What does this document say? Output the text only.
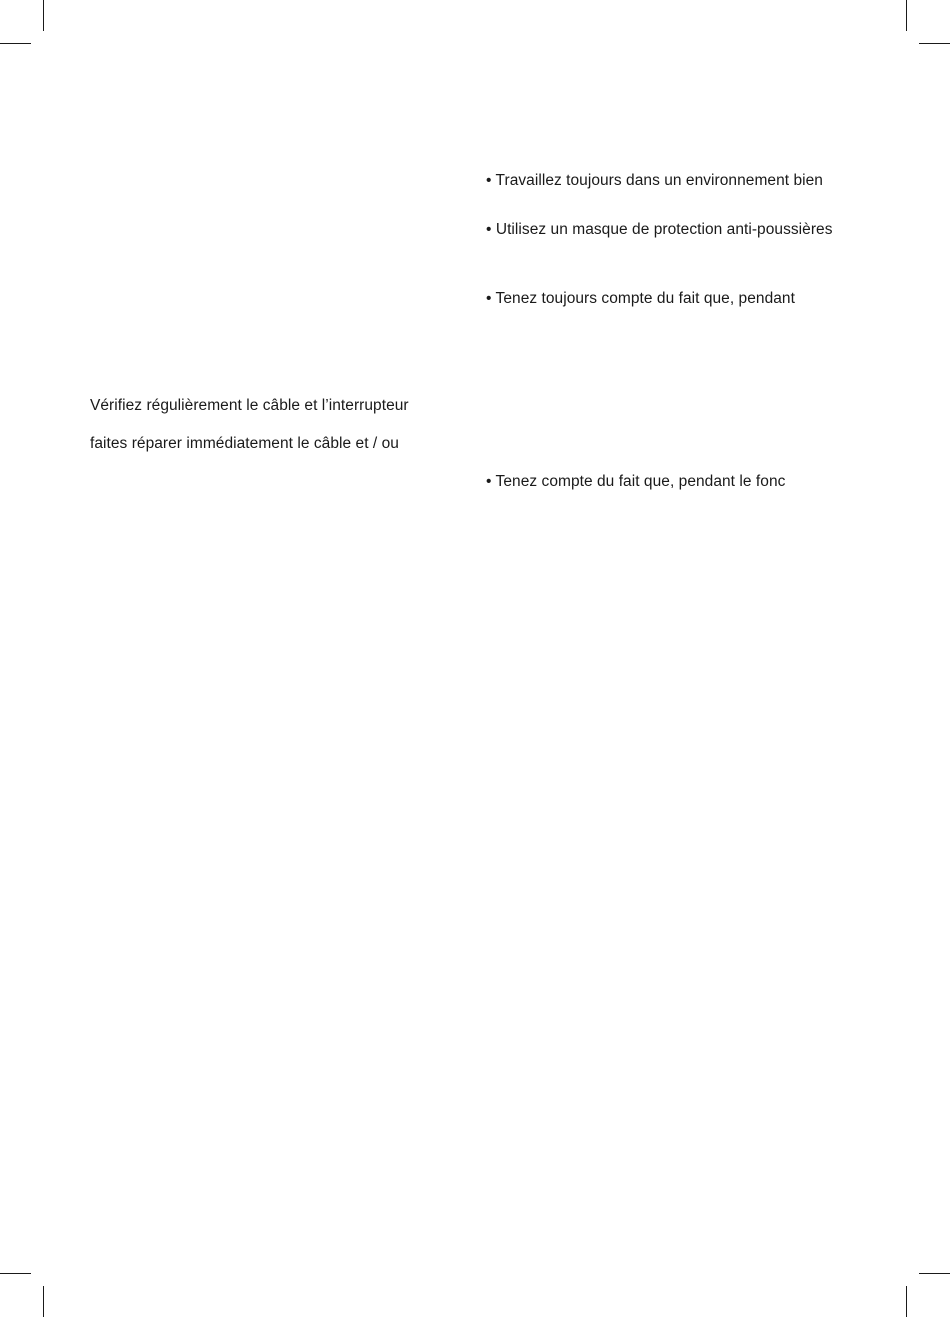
• Travaillez toujours dans un environnement bien
• Utilisez un masque de protection anti-poussières
• Tenez toujours compte du fait que, pendant
Vérifiez régulièrement le câble et l’interrupteur
faites réparer immédiatement le câble et / ou
• Tenez compte du fait que, pendant le fonc
